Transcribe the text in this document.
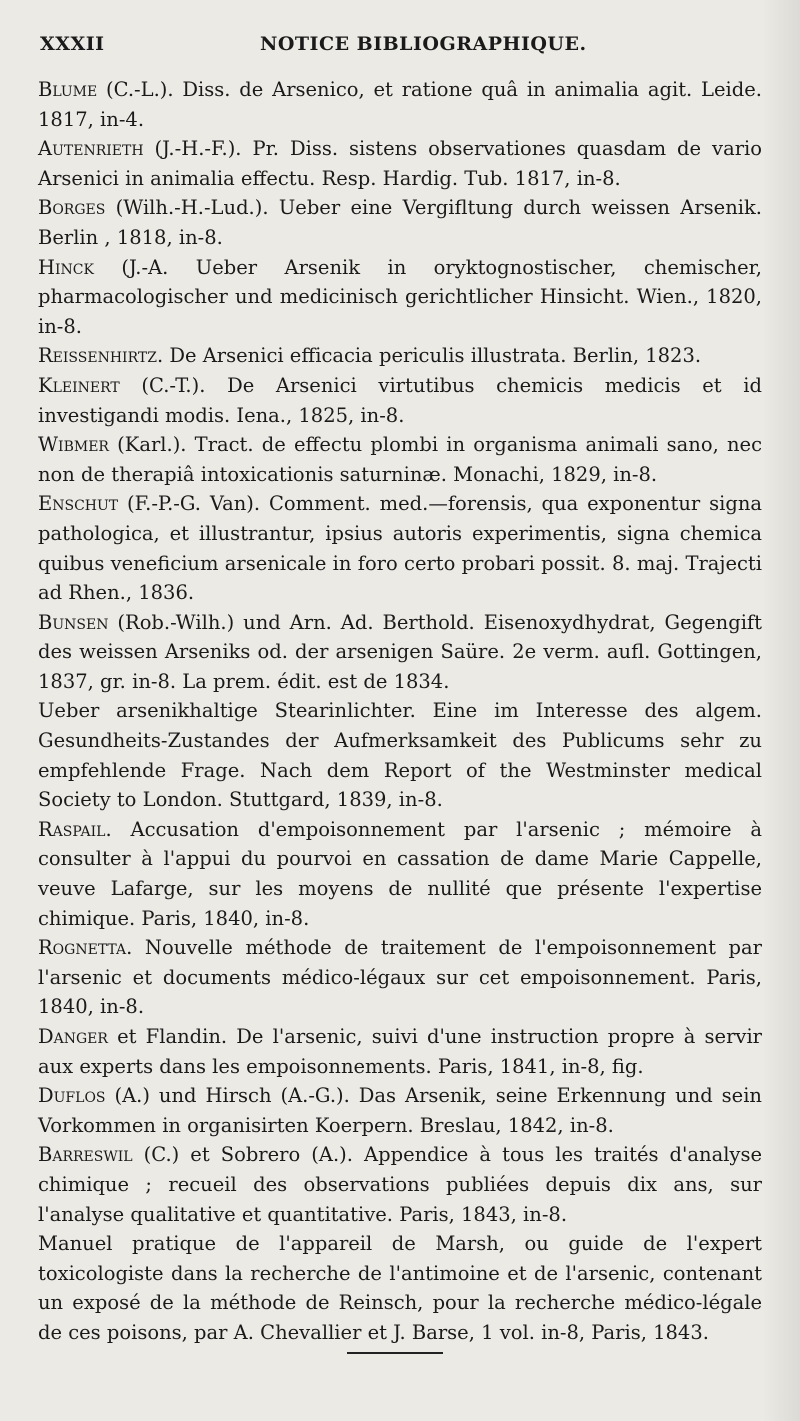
XXXII	NOTICE BIBLIOGRAPHIQUE.

Blume (C.-L.). Diss. de Arsenico, et ratione quâ in animalia agit. Leide. 1817, in-4.

Autenrieth (J.-H.-F.). Pr. Diss. sistens observationes quasdam de vario Arsenici in animalia effectu. Resp. Hardig. Tub. 1817, in-8.

Borges (Wilh.-H.-Lud.). Ueber eine Vergifltung durch weissen Arsenik. Berlin , 1818, in-8.

Hinck (J.-A. Ueber Arsenik in oryktognostischer, chemischer, pharmacologischer und medicinisch gerichtlicher Hinsicht. Wien., 1820, in-8.

Reissenhirtz. De Arsenici efficacia periculis illustrata. Berlin, 1823.

Kleinert (C.-T.). De Arsenici virtutibus chemicis medicis et id investigandi modis. Iena., 1825, in-8.

Wibmer (Karl.). Tract. de effectu plombi in organisma animali sano, nec non de therapiâ intoxicationis saturninæ. Monachi, 1829, in-8.

Enschut (F.-P.-G. Van). Comment. med.—forensis, qua exponentur signa pathologica, et illustrantur, ipsius autoris experimentis, signa chemica quibus veneficium arsenicale in foro certo probari possit. 8. maj. Trajecti ad Rhen., 1836.

Bunsen (Rob.-Wilh.) und Arn. Ad. Berthold. Eisenoxydhydrat, Gegengift des weissen Arseniks od. der arsenigen Saüre. 2e verm. aufl. Gottingen, 1837, gr. in-8. La prem. édit. est de 1834.

Ueber arsenikhaltige Stearinlichter. Eine im Interesse des algem. Gesundheits-Zustandes der Aufmerksamkeit des Publicums sehr zu empfehlende Frage. Nach dem Report of the Westminster medical Society to London. Stuttgard, 1839, in-8.

Raspail. Accusation d'empoisonnement par l'arsenic ; mémoire à consulter à l'appui du pourvoi en cassation de dame Marie Cappelle, veuve Lafarge, sur les moyens de nullité que présente l'expertise chimique. Paris, 1840, in-8.

Rognetta. Nouvelle méthode de traitement de l'empoisonnement par l'arsenic et documents médico-légaux sur cet empoisonnement. Paris, 1840, in-8.

Danger et Flandin. De l'arsenic, suivi d'une instruction propre à servir aux experts dans les empoisonnements. Paris, 1841, in-8, fig.

Duflos (A.) und Hirsch (A.-G.). Das Arsenik, seine Erkennung und sein Vorkommen in organisirten Koerpern. Breslau, 1842, in-8.

Barreswil (C.) et Sobrero (A.). Appendice à tous les traités d'analyse chimique ; recueil des observations publiées depuis dix ans, sur l'analyse qualitative et quantitative. Paris, 1843, in-8.

Manuel pratique de l'appareil de Marsh, ou guide de l'expert toxicologiste dans la recherche de l'antimoine et de l'arsenic, contenant un exposé de la méthode de Reinsch, pour la recherche médico-légale de ces poisons, par A. Chevallier et J. Barse, 1 vol. in-8, Paris, 1843.
